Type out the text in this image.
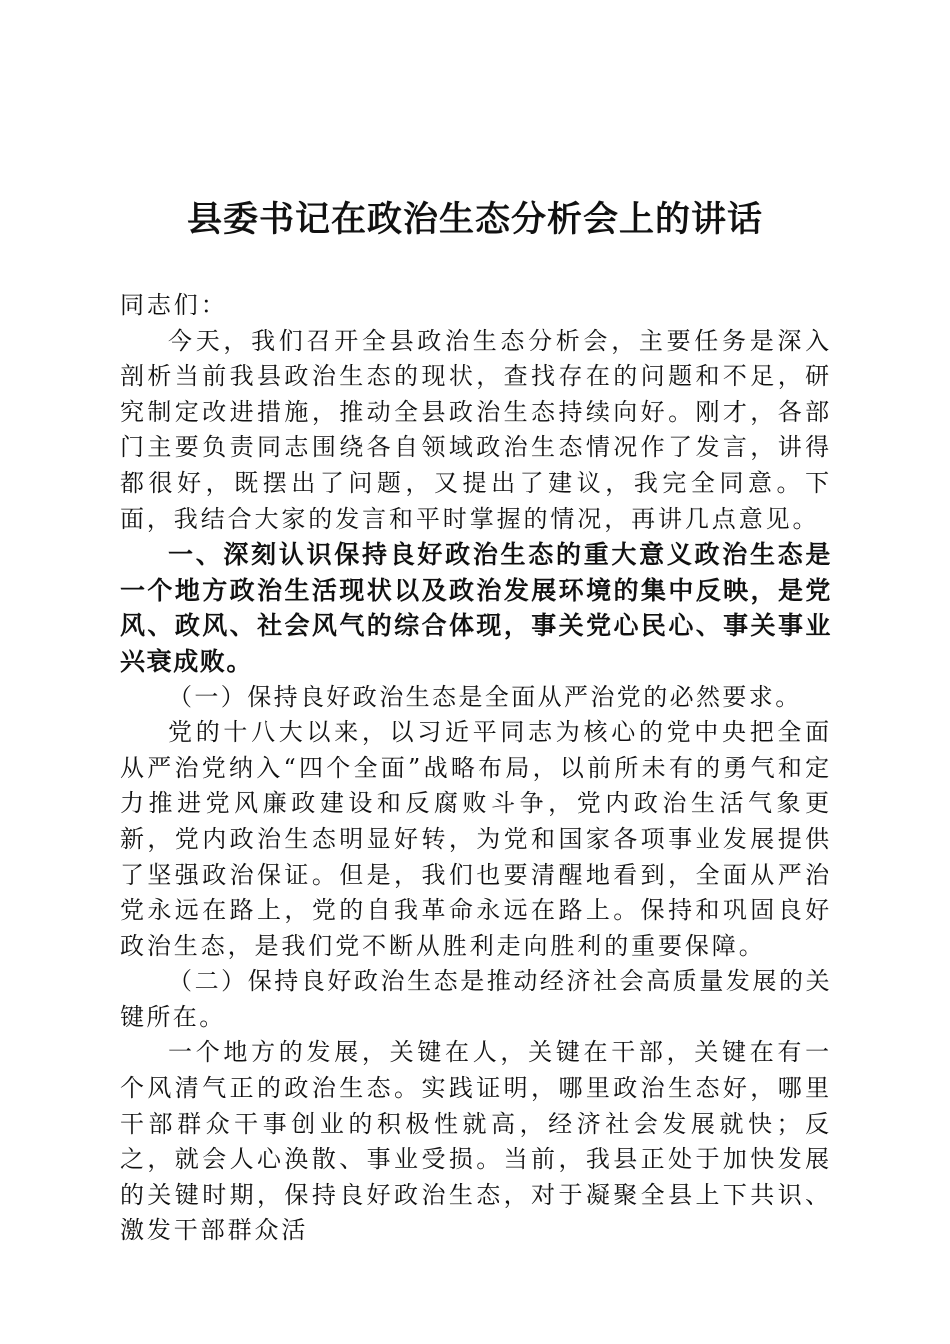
县委书记在政治生态分析会上的讲话

同志们：

今天，我们召开全县政治生态分析会，主要任务是深入剖析当前我县政治生态的现状，查找存在的问题和不足，研究制定改进措施，推动全县政治生态持续向好。刚才，各部门主要负责同志围绕各自领域政治生态情况作了发言，讲得都很好，既摆出了问题，又提出了建议，我完全同意。下面，我结合大家的发言和平时掌握的情况，再讲几点意见。

一、深刻认识保持良好政治生态的重大意义政治生态是一个地方政治生活现状以及政治发展环境的集中反映，是党风、政风、社会风气的综合体现，事关党心民心、事关事业兴衰成败。

（一）保持良好政治生态是全面从严治党的必然要求。

党的十八大以来，以习近平同志为核心的党中央把全面从严治党纳入“四个全面”战略布局，以前所未有的勇气和定力推进党风廉政建设和反腐败斗争，党内政治生活气象更新，党内政治生态明显好转，为党和国家各项事业发展提供了坚强政治保证。但是，我们也要清醒地看到，全面从严治党永远在路上，党的自我革命永远在路上。保持和巩固良好政治生态，是我们党不断从胜利走向胜利的重要保障。

（二）保持良好政治生态是推动经济社会高质量发展的关键所在。

一个地方的发展，关键在人，关键在干部，关键在有一个风清气正的政治生态。实践证明，哪里政治生态好，哪里干部群众干事创业的积极性就高，经济社会发展就快；反之，就会人心涣散、事业受损。当前，我县正处于加快发展的关键时期，保持良好政治生态，对于凝聚全县上下共识、激发干部群众活
